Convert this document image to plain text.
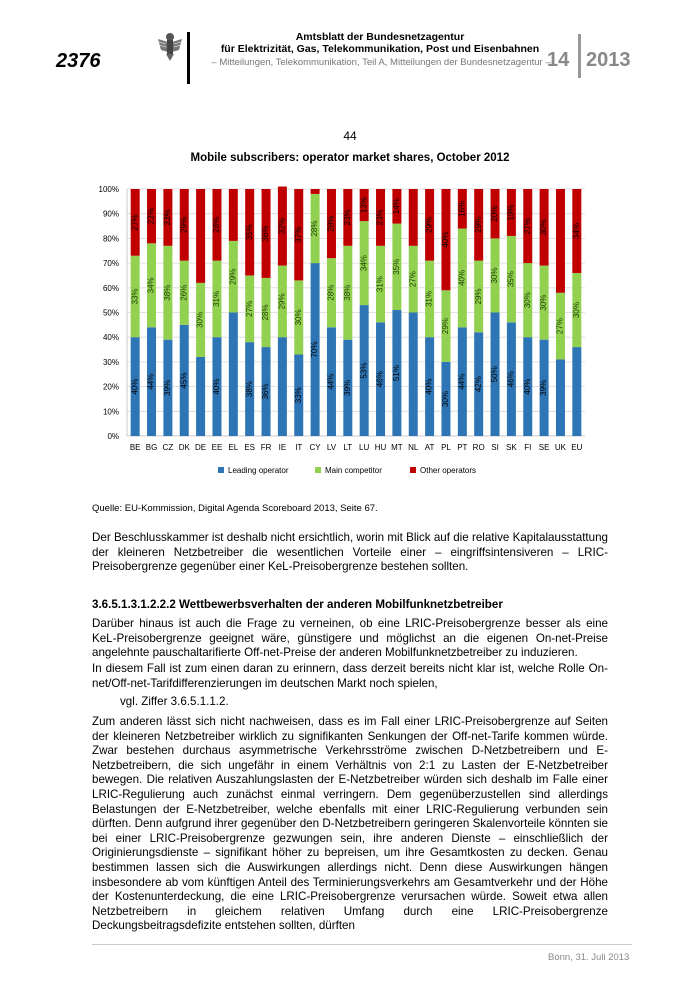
2376
Amtsblatt der Bundesnetzagentur
für Elektrizität, Gas, Telekommunikation, Post und Eisenbahnen
– Mitteilungen, Telekommunikation, Teil A, Mitteilungen der Bundesnetzagentur –
14 2013
44
Mobile subscribers: operator market shares, October 2012
0%
10%
20%
30%
40%
50%
60%
70%
80%
90%
100%
40%
33%
27%
BE
44%
34%
22%
BG
39%
38%
23%
CZ
45%
26%
29%
DK
30%
DE
40%
31%
28%
EE
29%
EL
38%
27%
35%
ES
36%
28%
36%
FR
29%
32%
IE
33%
30%
37%
IT
70%
28%
CY
44%
28%
28%
LV
39%
38%
23%
LT
53%
34%
13%
LU
46%
31%
23%
HU
51%
35%
14%
MT
27%
NL
40%
31%
29%
AT
30%
29%
40%
PL
44%
40%
16%
PT
42%
29%
29%
RO
50%
30%
20%
SI
46%
35%
19%
SK
40%
30%
27%
FI
39%
30%
30%
SE
27%
UK
30%
34%
EU
Leading operator	Main competitor	Other operators
Quelle: EU-Kommission, Digital Agenda Scoreboard 2013, Seite 67.
Der Beschlusskammer ist deshalb nicht ersichtlich, worin mit Blick auf die relative Kapitalausstattung der kleineren Netzbetreiber die wesentlichen Vorteile einer – eingriffsintensiveren – LRIC-Preisobergrenze gegenüber einer KeL-Preisobergrenze bestehen sollten.
3.6.5.1.3.1.2.2.2 Wettbewerbsverhalten der anderen Mobilfunknetzbetreiber
Darüber hinaus ist auch die Frage zu verneinen, ob eine LRIC-Preisobergrenze besser als eine KeL-Preisobergrenze geeignet wäre, günstigere und möglichst an die eigenen On-net-Preise angelehnte pauschaltarifierte Off-net-Preise der anderen Mobilfunknetzbetreiber zu induzieren.
In diesem Fall ist zum einen daran zu erinnern, dass derzeit bereits nicht klar ist, welche Rolle On-net/Off-net-Tarifdifferenzierungen im deutschen Markt noch spielen,
vgl. Ziffer 3.6.5.1.1.2.
Zum anderen lässt sich nicht nachweisen, dass es im Fall einer LRIC-Preisobergrenze auf Seiten der kleineren Netzbetreiber wirklich zu signifikanten Senkungen der Off-net-Tarife kommen würde. Zwar bestehen durchaus asymmetrische Verkehrsströme zwischen D-Netzbetreibern und E-Netzbetreibern, die sich ungefähr in einem Verhältnis von 2:1 zu Lasten der E-Netzbetreiber bewegen. Die relativen Auszahlungslasten der E-Netzbetreiber würden sich deshalb im Falle einer LRIC-Regulierung auch zunächst einmal verringern. Dem gegenüberzustellen sind allerdings Belastungen der E-Netzbetreiber, welche ebenfalls mit einer LRIC-Regulierung verbunden sein dürften. Denn aufgrund ihrer gegenüber den D-Netzbetreibern geringeren Skalenvorteile könnten sie bei einer LRIC-Preisobergrenze gezwungen sein, ihre anderen Dienste – einschließlich der Originierungsdienste – signifikant höher zu bepreisen, um ihre Gesamtkosten zu decken. Genau bestimmen lassen sich die Auswirkungen allerdings nicht. Denn diese Auswirkungen hängen insbesondere ab vom künftigen Anteil des Terminierungsverkehrs am Gesamtverkehr und der Höhe der Kostenunterdeckung, die eine LRIC-Preisobergrenze verursachen würde. Soweit etwa allen Netzbetreibern in gleichem relativen Umfang durch eine LRIC-Preisobergrenze Deckungsbeitragsdefizite entstehen sollten, dürften
Bonn, 31. Juli 2013
